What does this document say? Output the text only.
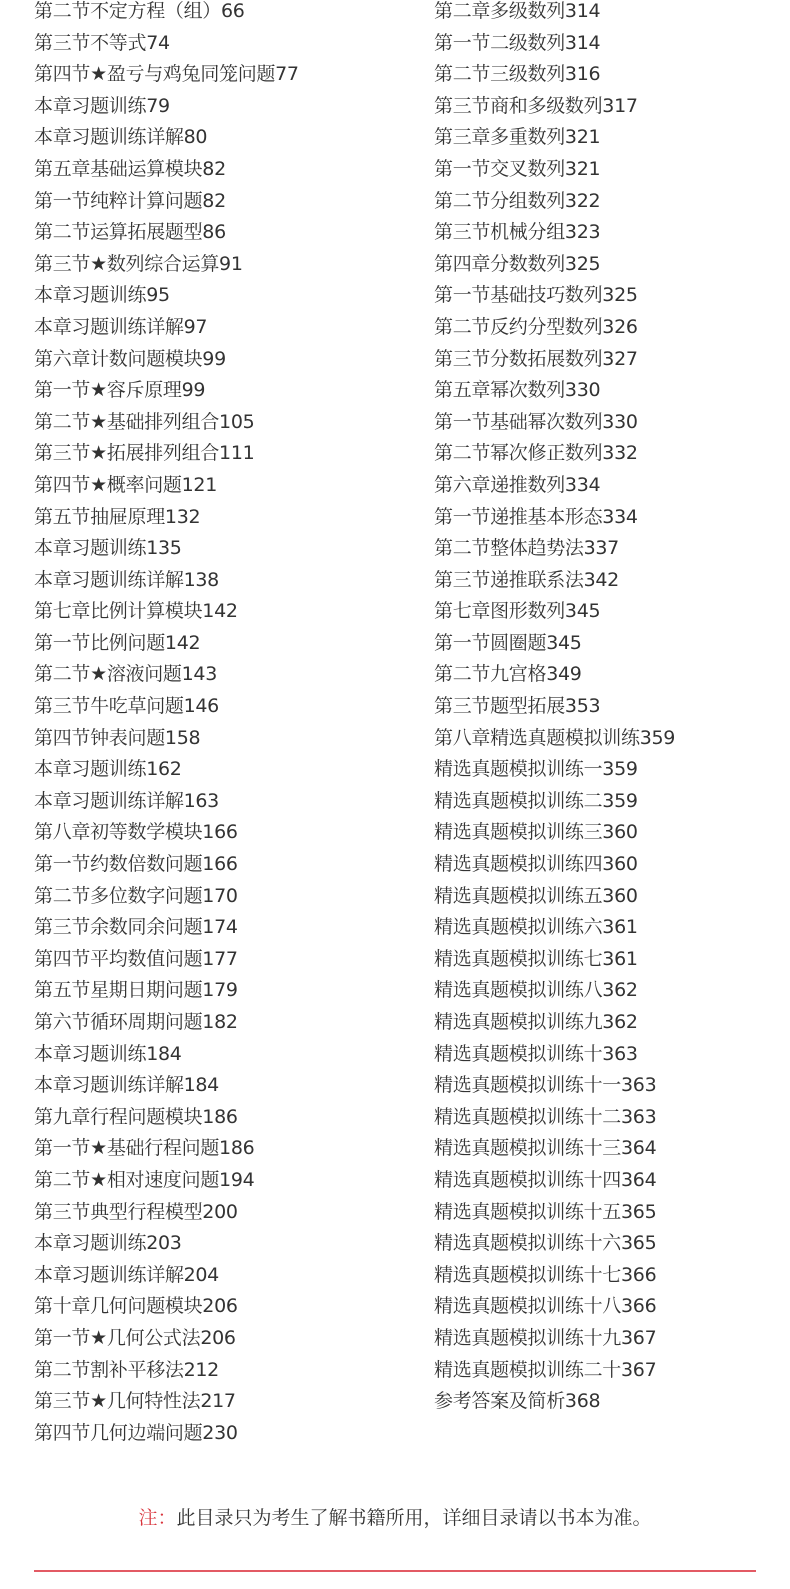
第二节不定方程（组）66
第三节不等式74
第四节★盈亏与鸡兔同笼问题77
本章习题训练79
本章习题训练详解80
第五章基础运算模块82
第一节纯粹计算问题82
第二节运算拓展题型86
第三节★数列综合运算91
本章习题训练95
本章习题训练详解97
第六章计数问题模块99
第一节★容斥原理99
第二节★基础排列组合105
第三节★拓展排列组合111
第四节★概率问题121
第五节抽屉原理132
本章习题训练135
本章习题训练详解138
第七章比例计算模块142
第一节比例问题142
第二节★溶液问题143
第三节牛吃草问题146
第四节钟表问题158
本章习题训练162
本章习题训练详解163
第八章初等数学模块166
第一节约数倍数问题166
第二节多位数字问题170
第三节余数同余问题174
第四节平均数值问题177
第五节星期日期问题179
第六节循环周期问题182
本章习题训练184
本章习题训练详解184
第九章行程问题模块186
第一节★基础行程问题186
第二节★相对速度问题194
第三节典型行程模型200
本章习题训练203
本章习题训练详解204
第十章几何问题模块206
第一节★几何公式法206
第二节割补平移法212
第三节★几何特性法217
第四节几何边端问题230
第二章多级数列314
第一节二级数列314
第二节三级数列316
第三节商和多级数列317
第三章多重数列321
第一节交叉数列321
第二节分组数列322
第三节机械分组323
第四章分数数列325
第一节基础技巧数列325
第二节反约分型数列326
第三节分数拓展数列327
第五章幂次数列330
第一节基础幂次数列330
第二节幂次修正数列332
第六章递推数列334
第一节递推基本形态334
第二节整体趋势法337
第三节递推联系法342
第七章图形数列345
第一节圆圈题345
第二节九宫格349
第三节题型拓展353
第八章精选真题模拟训练359
精选真题模拟训练一359
精选真题模拟训练二359
精选真题模拟训练三360
精选真题模拟训练四360
精选真题模拟训练五360
精选真题模拟训练六361
精选真题模拟训练七361
精选真题模拟训练八362
精选真题模拟训练九362
精选真题模拟训练十363
精选真题模拟训练十一363
精选真题模拟训练十二363
精选真题模拟训练十三364
精选真题模拟训练十四364
精选真题模拟训练十五365
精选真题模拟训练十六365
精选真题模拟训练十七366
精选真题模拟训练十八366
精选真题模拟训练十九367
精选真题模拟训练二十367
参考答案及简析368
注：此目录只为考生了解书籍所用，详细目录请以书本为准。
